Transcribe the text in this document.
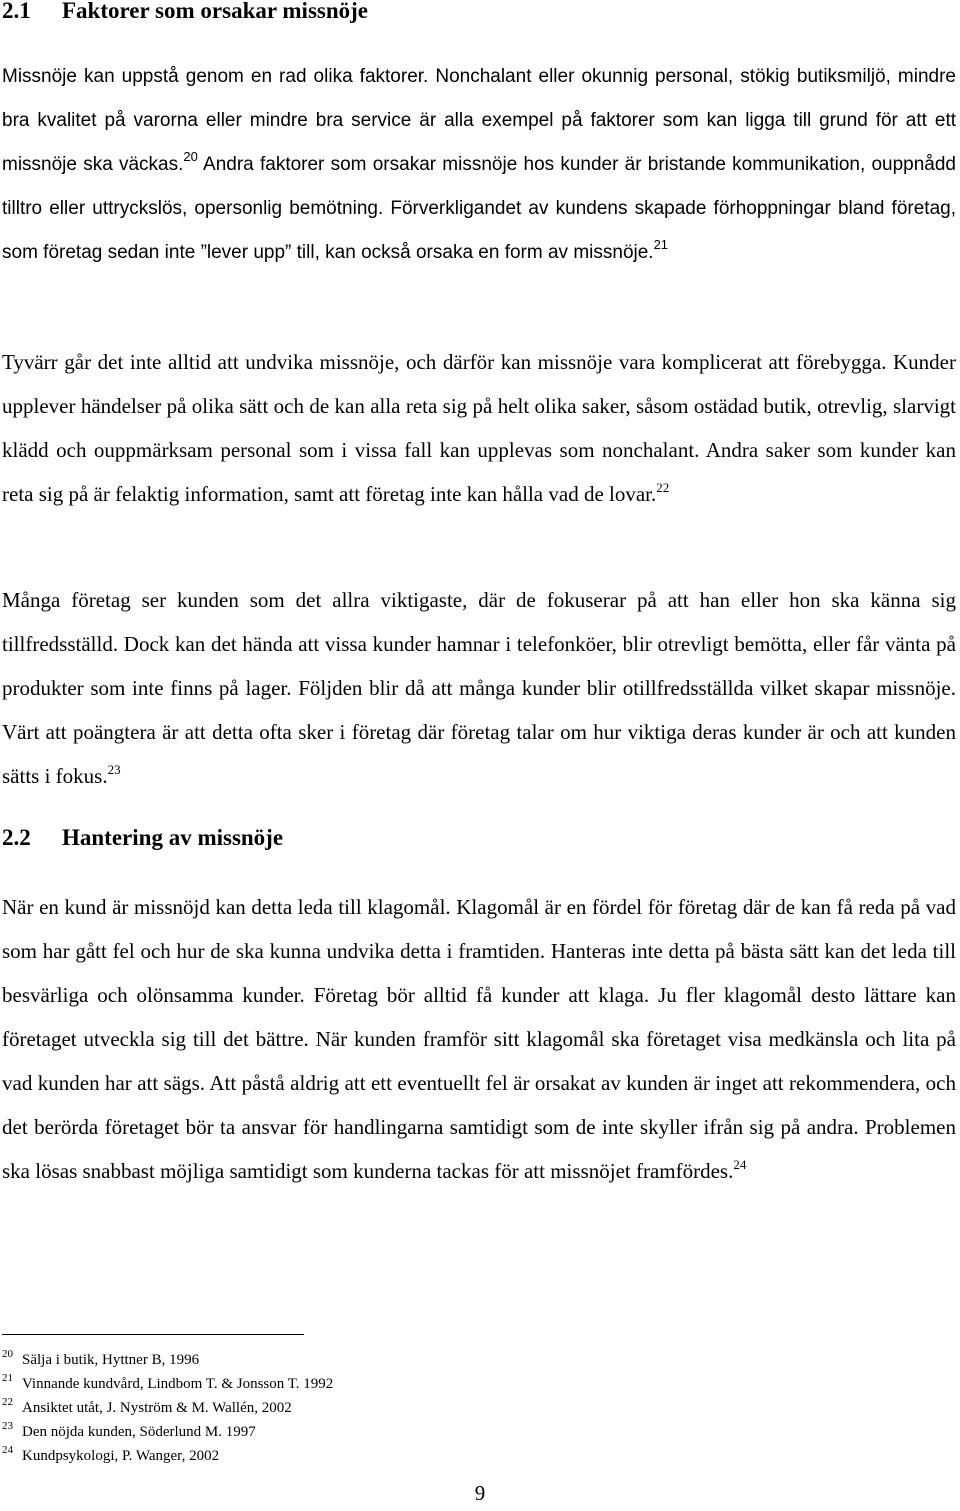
2.1 Faktorer som orsakar missnöje

Missnöje kan uppstå genom en rad olika faktorer. Nonchalant eller okunnig personal, stökig butiksmiljö, mindre bra kvalitet på varorna eller mindre bra service är alla exempel på faktorer som kan ligga till grund för att ett missnöje ska väckas.$^{20}$ Andra faktorer som orsakar missnöje hos kunder är bristande kommunikation, ouppnådd tilltro eller uttryckslös, opersonlig bemötning. Förverkligandet av kundens skapade förhoppningar bland företag, som företag sedan inte ”lever upp” till, kan också orsaka en form av missnöje.$^{21}$

Tyvärr går det inte alltid att undvika missnöje, och därför kan missnöje vara komplicerat att förebygga. Kunder upplever händelser på olika sätt och de kan alla reta sig på helt olika saker, såsom ostädad butik, otrevlig, slarvigt klädd och ouppmärksam personal som i vissa fall kan upplevas som nonchalant. Andra saker som kunder kan reta sig på är felaktig information, samt att företag inte kan hålla vad de lovar.$^{22}$

Många företag ser kunden som det allra viktigaste, där de fokuserar på att han eller hon ska känna sig tillfredsställd. Dock kan det hända att vissa kunder hamnar i telefonköer, blir otrevligt bemötta, eller får vänta på produkter som inte finns på lager. Följden blir då att många kunder blir otillfredsställda vilket skapar missnöje. Värt att poängtera är att detta ofta sker i företag där företag talar om hur viktiga deras kunder är och att kunden sätts i fokus.$^{23}$

2.2 Hantering av missnöje

När en kund är missnöjd kan detta leda till klagomål. Klagomål är en fördel för företag där de kan få reda på vad som har gått fel och hur de ska kunna undvika detta i framtiden. Hanteras inte detta på bästa sätt kan det leda till besvärliga och olönsamma kunder. Företag bör alltid få kunder att klaga. Ju fler klagomål desto lättare kan företaget utveckla sig till det bättre. När kunden framför sitt klagomål ska företaget visa medkänsla och lita på vad kunden har att sägs. Att påstå aldrig att ett eventuellt fel är orsakat av kunden är inget att rekommendera, och det berörda företaget bör ta ansvar för handlingarna samtidigt som de inte skyller ifrån sig på andra. Problemen ska lösas snabbast möjliga samtidigt som kunderna tackas för att missnöjet framfördes.$^{24}$

20 Sälja i butik, Hyttner B, 1996
21 Vinnande kundvård, Lindbom T. & Jonsson T. 1992
22 Ansiktet utåt, J. Nyström & M. Wallén, 2002
23 Den nöjda kunden, Söderlund M. 1997
24 Kundpsykologi, P. Wanger, 2002
9
